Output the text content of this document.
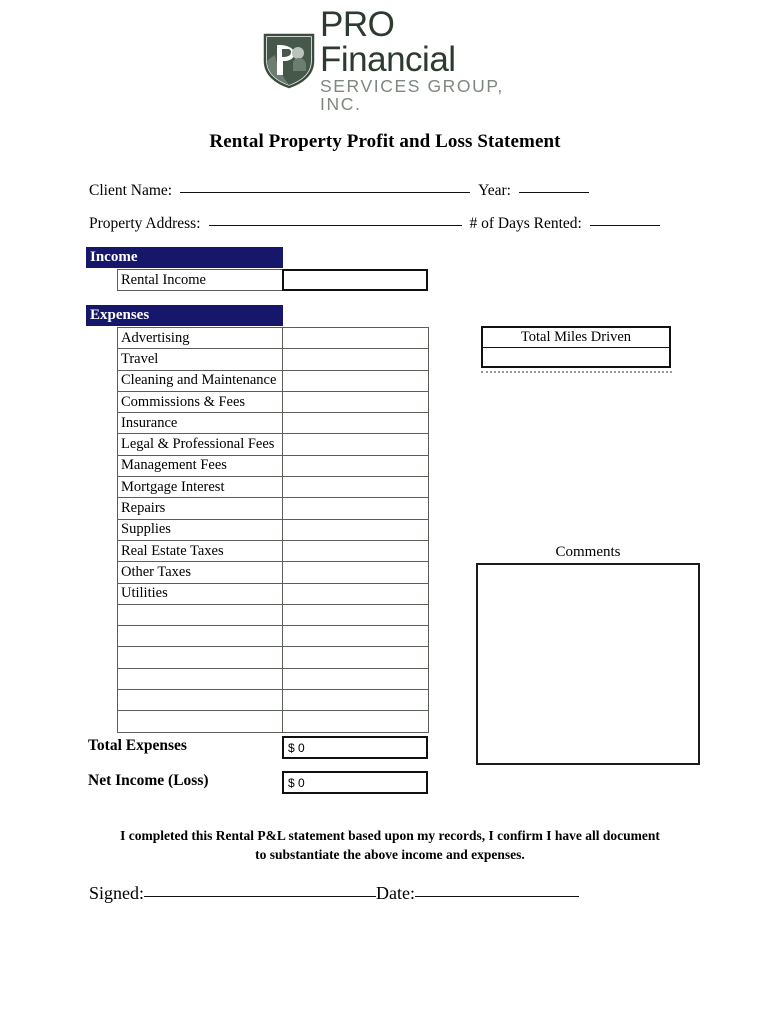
PRO Financial
SERVICES GROUP, INC.
Rental Property Profit and Loss Statement
Client Name:	Year:
Property Address:	# of Days Rented:
Income
Rental Income
Expenses
Advertising	
Travel	
Cleaning and Maintenance	
Commissions & Fees	
Insurance	
Legal & Professional Fees	
Management Fees	
Mortgage Interest	
Repairs	
Supplies	
Real Estate Taxes	
Other Taxes	
Utilities	

Total Expenses	$ 0
Net Income (Loss)	$ 0
Total Miles Driven
Comments
I completed this Rental P&L statement based upon my records, I confirm I have all document
to substantiate the above income and expenses.
Signed:	Date:
